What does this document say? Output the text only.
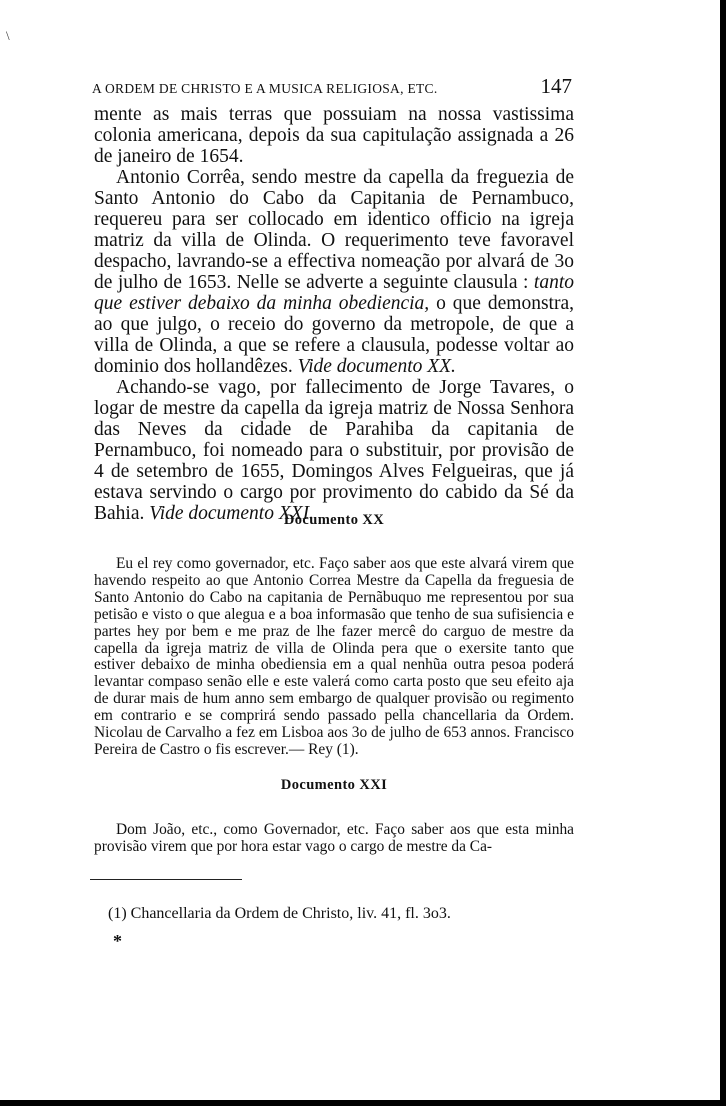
\
A ORDEM DE CHRISTO E A MUSICA RELIGIOSA, ETC.	147

mente as mais terras que possuiam na nossa vastissima colonia americana, depois da sua capitulação assignada a 26 de janeiro de 1654.

Antonio Corrêa, sendo mestre da capella da freguezia de Santo Antonio do Cabo da Capitania de Pernambuco, requereu para ser collocado em identico officio na igreja matriz da villa de Olinda. O requerimento teve favoravel despacho, lavrando-se a effectiva nomeação por alvará de 3o de julho de 1653. Nelle se adverte a seguinte clausula : tanto que estiver debaixo da minha obediencia, o que demonstra, ao que julgo, o receio do governo da metropole, de que a villa de Olinda, a que se refere a clausula, podesse voltar ao dominio dos hollandêzes. Vide documento XX.

Achando-se vago, por fallecimento de Jorge Tavares, o logar de mestre da capella da igreja matriz de Nossa Senhora das Neves da cidade de Parahiba da capitania de Pernambuco, foi nomeado para o substituir, por provisão de 4 de setembro de 1655, Domingos Alves Felgueiras, que já estava servindo o cargo por provimento do cabido da Sé da Bahia. Vide documento XXI.

Documento XX

Eu el rey como governador, etc. Faço saber aos que este alvará virem que havendo respeito ao que Antonio Correa Mestre da Capella da freguesia de Santo Antonio do Cabo na capitania de Pernãbuquo me representou por sua petisão e visto o que alegua e a boa informasão que tenho de sua sufisiencia e partes hey por bem e me praz de lhe fazer mercê do carguo de mestre da capella da igreja matriz de villa de Olinda pera que o exersite tanto que estiver debaixo de minha obediensia em a qual nenhũa outra pesoa poderá levantar compaso senão elle e este valerá como carta posto que seu efeito aja de durar mais de hum anno sem embargo de qualquer provisão ou regimento em contrario e se comprirá sendo passado pella chancellaria da Ordem. Nicolau de Carvalho a fez em Lisboa aos 3o de julho de 653 annos. Francisco Pereira de Castro o fis escrever.— Rey (1).

Documento XXI

Dom João, etc., como Governador, etc. Faço saber aos que esta minha provisão virem que por hora estar vago o cargo de mestre da Ca-

(1) Chancellaria da Ordem de Christo, liv. 41, fl. 3o3.

*
